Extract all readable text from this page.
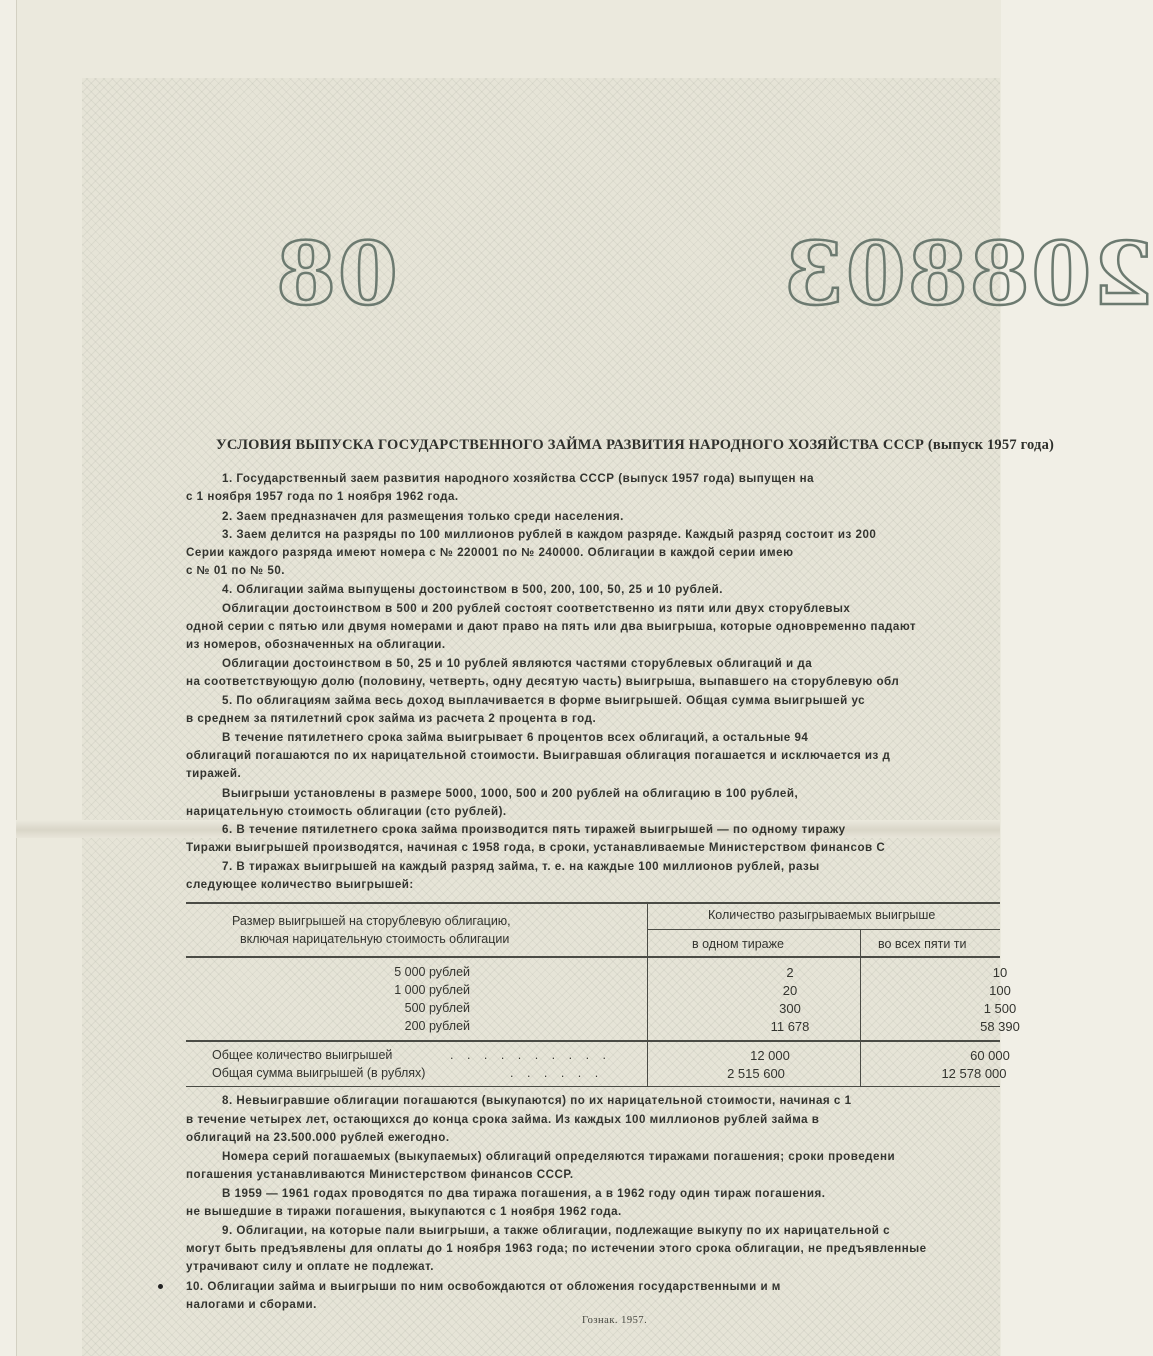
08	208803
УСЛОВИЯ ВЫПУСКА ГОСУДАРСТВЕННОГО ЗАЙМА РАЗВИТИЯ НАРОДНОГО ХОЗЯЙСТВА СССР (выпуск 1957 года)
1. Государственный заем развития народного хозяйства СССР (выпуск 1957 года) выпущен на
с 1 ноября 1957 года по 1 ноября 1962 года.
2. Заем предназначен для размещения только среди населения.
3. Заем делится на разряды по 100 миллионов рублей в каждом разряде. Каждый разряд состоит из 200
Серии каждого разряда имеют номера с № 220001 по № 240000. Облигации в каждой серии имею
с № 01 по № 50.
4. Облигации займа выпущены достоинством в 500, 200, 100, 50, 25 и 10 рублей.
Облигации достоинством в 500 и 200 рублей состоят соответственно из пяти или двух сторублевых
одной серии с пятью или двумя номерами и дают право на пять или два выигрыша, которые одновременно падают
из номеров, обозначенных на облигации.
Облигации достоинством в 50, 25 и 10 рублей являются частями сторублевых облигаций и да
на соответствующую долю (половину, четверть, одну десятую часть) выигрыша, выпавшего на сторублевую обл
5. По облигациям займа весь доход выплачивается в форме выигрышей. Общая сумма выигрышей ус
в среднем за пятилетний срок займа из расчета 2 процента в год.
В течение пятилетнего срока займа выигрывает 6 процентов всех облигаций, а остальные 94
облигаций погашаются по их нарицательной стоимости. Выигравшая облигация погашается и исключается из д
тиражей.
Выигрыши установлены в размере 5000, 1000, 500 и 200 рублей на облигацию в 100 рублей,
нарицательную стоимость облигации (сто рублей).
6. В течение пятилетнего срока займа производится пять тиражей выигрышей — по одному тиражу
Тиражи выигрышей производятся, начиная с 1958 года, в сроки, устанавливаемые Министерством финансов С
7. В тиражах выигрышей на каждый разряд займа, т. е. на каждые 100 миллионов рублей, разы
следующее количество выигрышей:
Размер выигрышей на сторублевую облигацию,
включая нарицательную стоимость облигации
Количество разыгрываемых выигрыше
в одном тираже	во всех пяти ти
5 000 рублей	2	10
1 000 рублей	20	100
500 рублей	300	1 500
200 рублей	11 678	58 390
Общее количество выигрышей	. . . . . . . . . .	12 000	60 000
Общая сумма выигрышей (в рублях)	. . . . . .	2 515 600	12 578 000
8. Невыигравшие облигации погашаются (выкупаются) по их нарицательной стоимости, начиная с 1
в течение четырех лет, остающихся до конца срока займа. Из каждых 100 миллионов рублей займа в
облигаций на 23.500.000 рублей ежегодно.
Номера серий погашаемых (выкупаемых) облигаций определяются тиражами погашения; сроки проведени
погашения устанавливаются Министерством финансов СССР.
В 1959 — 1961 годах проводятся по два тиража погашения, а в 1962 году один тираж погашения.
не вышедшие в тиражи погашения, выкупаются с 1 ноября 1962 года.
9. Облигации, на которые пали выигрыши, а также облигации, подлежащие выкупу по их нарицательной с
могут быть предъявлены для оплаты до 1 ноября 1963 года; по истечении этого срока облигации, не предъявленные
утрачивают силу и оплате не подлежат.
10. Облигации займа и выигрыши по ним освобождаются от обложения государственными и м
налогами и сборами.
Гознак. 1957.
